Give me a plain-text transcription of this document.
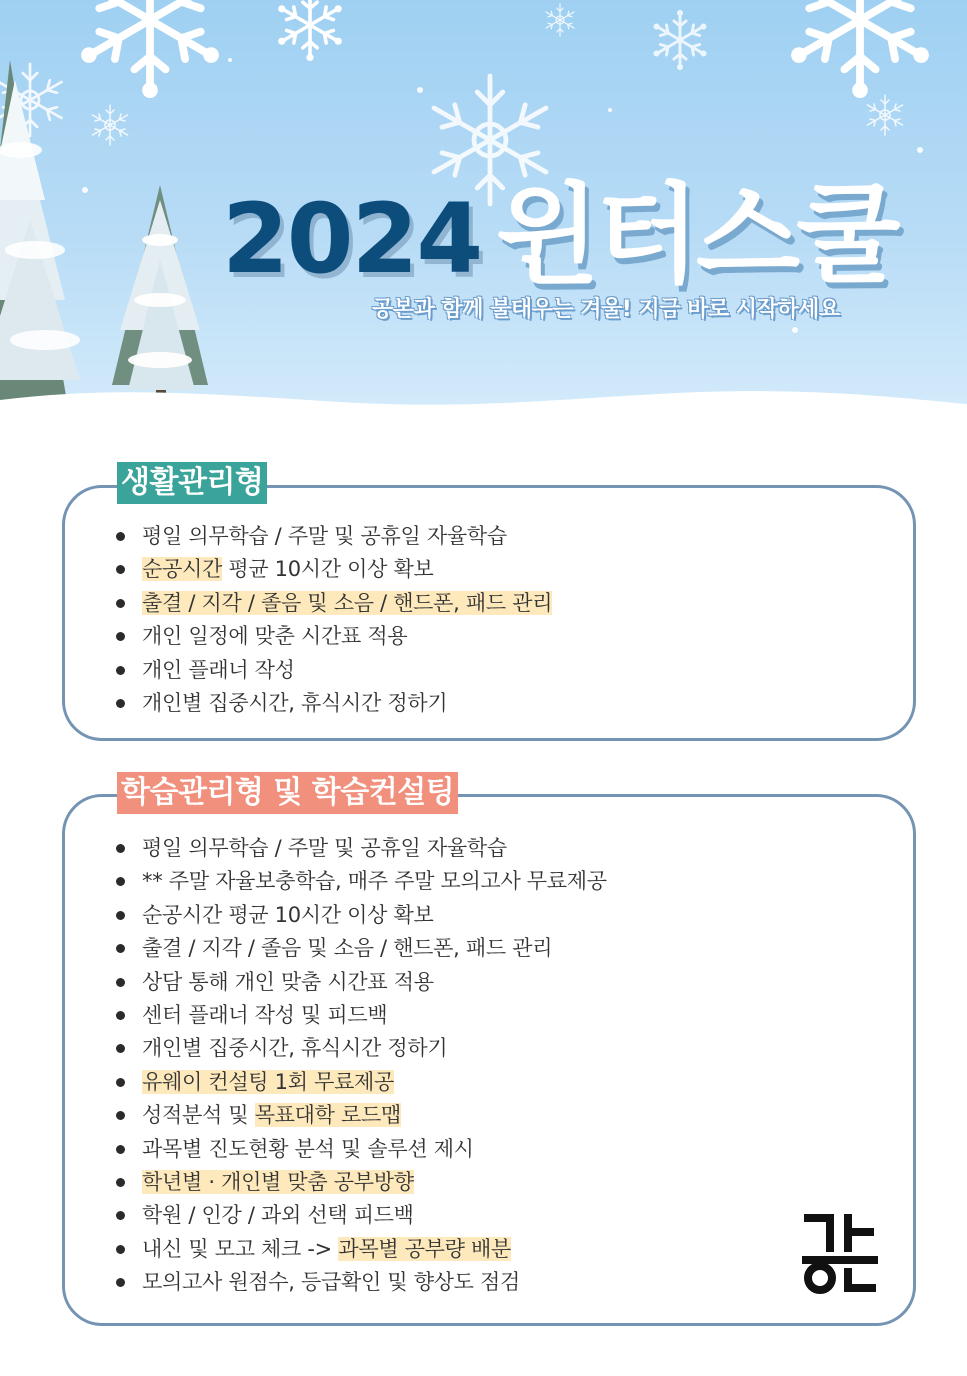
2024 윈터스쿨
공본과 함께 불태우는 겨울! 지금 바로 시작하세요
생활관리형
평일 의무학습 / 주말 및 공휴일 자율학습
순공시간 평균 10시간 이상 확보
출결 / 지각 / 졸음 및 소음 / 핸드폰, 패드 관리
개인 일정에 맞춘 시간표 적용
개인 플래너 작성
개인별 집중시간, 휴식시간 정하기
학습관리형 및 학습컨설팅
평일 의무학습 / 주말 및 공휴일 자율학습
** 주말 자율보충학습, 매주 주말 모의고사 무료제공
순공시간 평균 10시간 이상 확보
출결 / 지각 / 졸음 및 소음 / 핸드폰, 패드 관리
상담 통해 개인 맞춤 시간표 적용
센터 플래너 작성 및 피드백
개인별 집중시간, 휴식시간 정하기
유웨이 컨설팅 1회 무료제공
성적분석 및 목표대학 로드맵
과목별 진도현황 분석 및 솔루션 제시
학년별 · 개인별 맞춤 공부방향
학원 / 인강 / 과외 선택 피드백
내신 및 모고 체크 -> 과목별 공부량 배분
모의고사 원점수, 등급확인 및 향상도 점검
